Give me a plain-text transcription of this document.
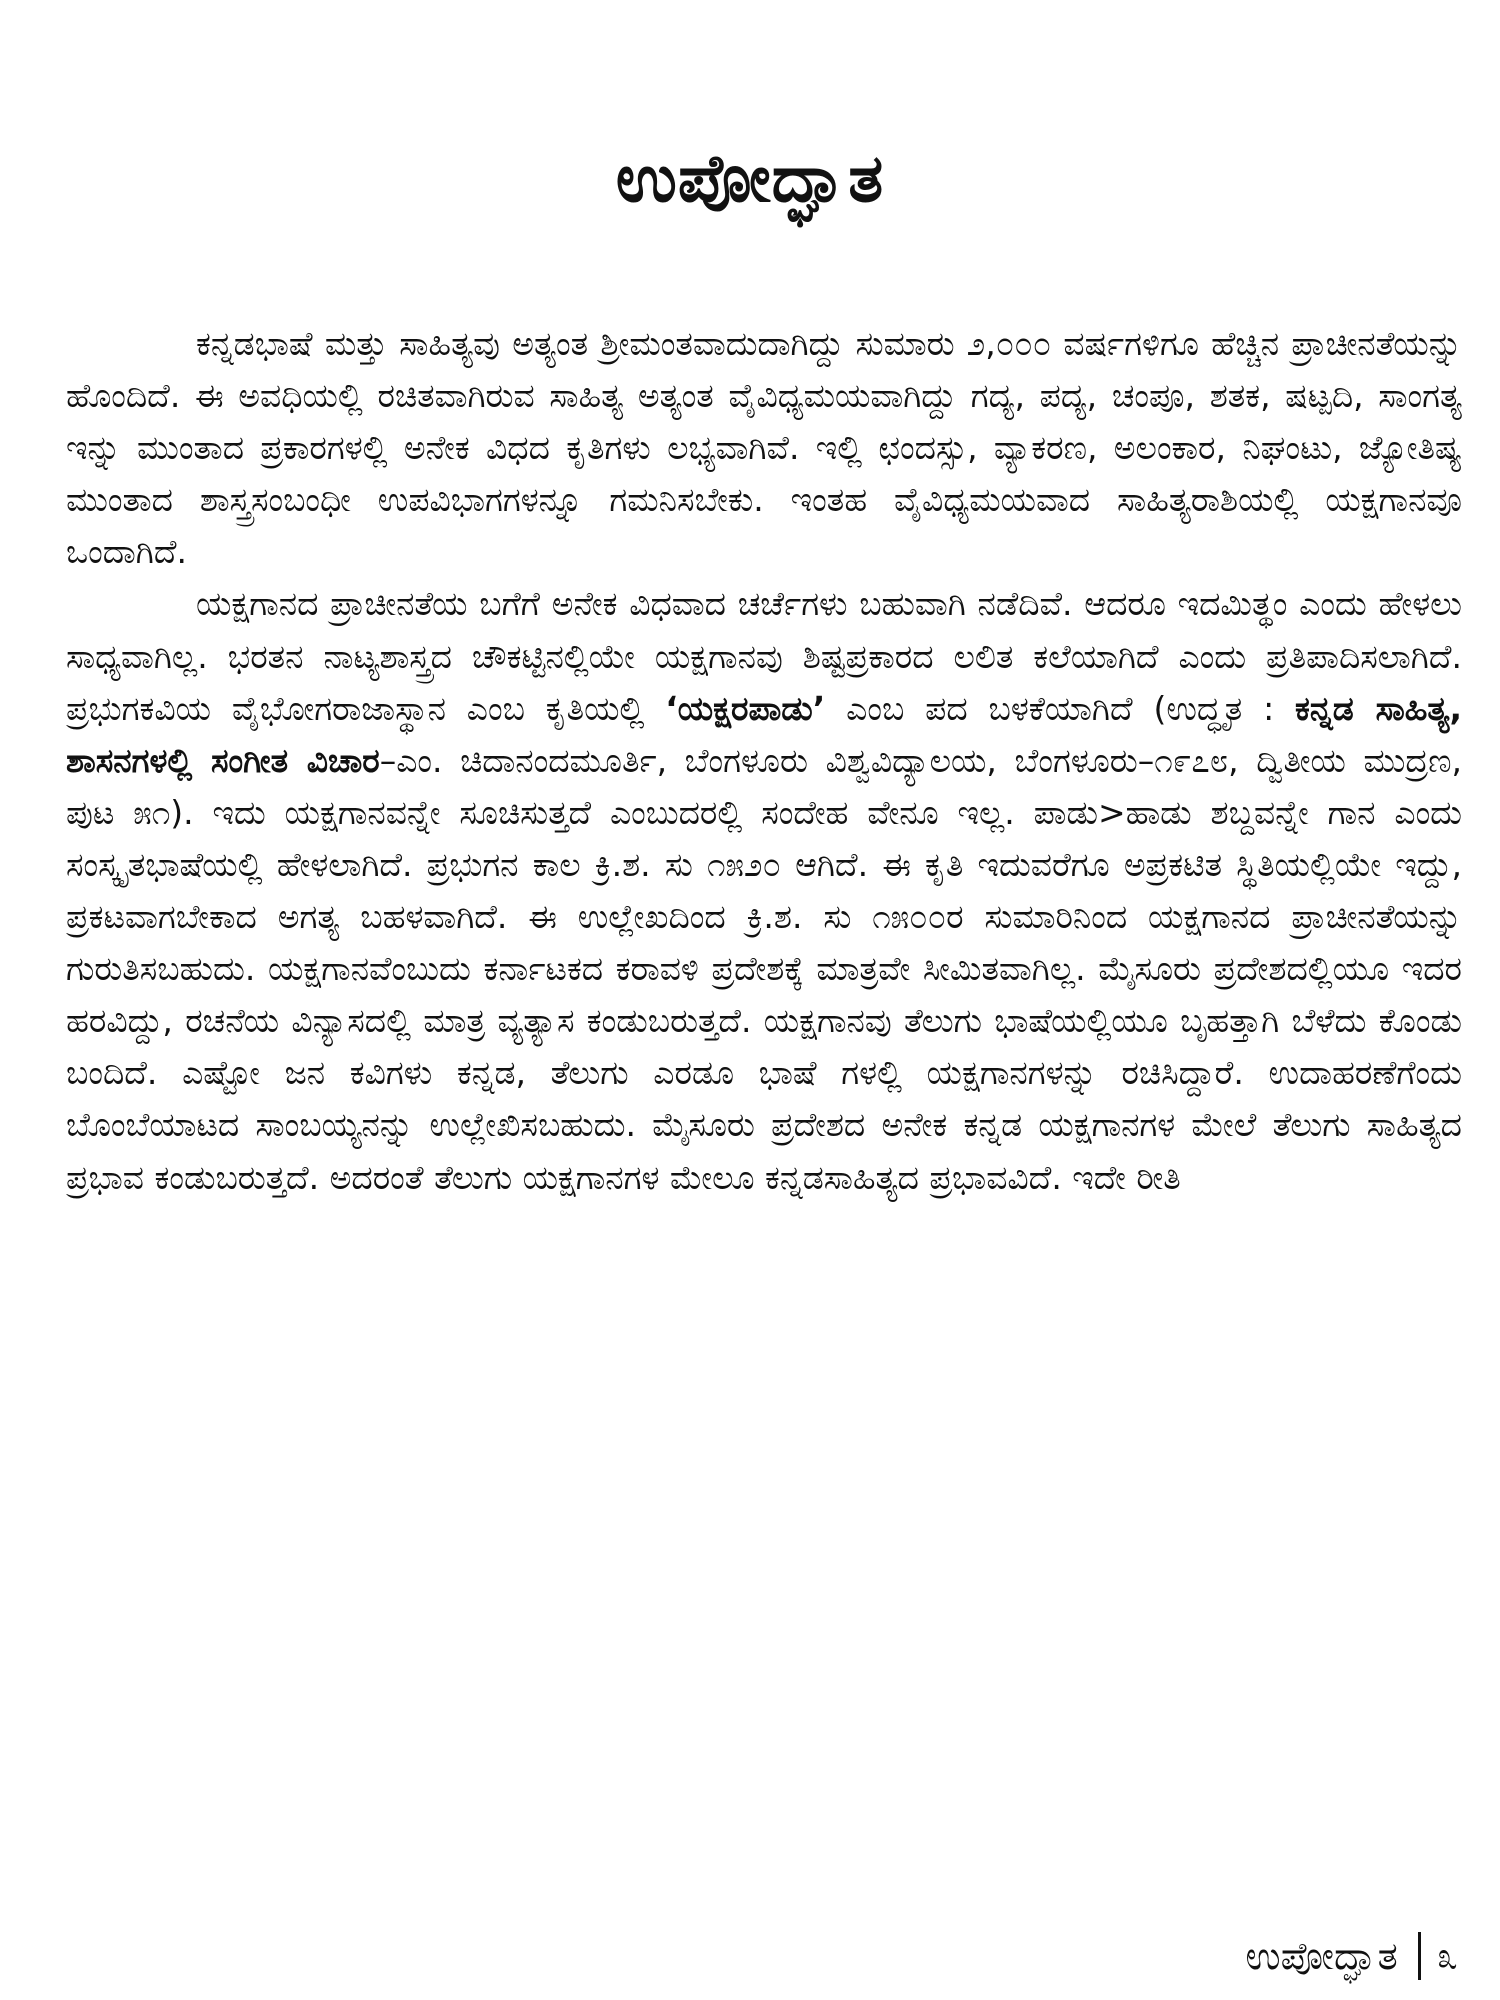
ಉಪೋದ್ಘಾತ

ಕನ್ನಡಭಾಷೆ ಮತ್ತು ಸಾಹಿತ್ಯವು ಅತ್ಯಂತ ಶ್ರೀಮಂತವಾದುದಾಗಿದ್ದು ಸುಮಾರು ೨,೦೦೦ ವರ್ಷಗಳಿಗೂ ಹೆಚ್ಚಿನ ಪ್ರಾಚೀನತೆಯನ್ನು ಹೊಂದಿದೆ. ಈ ಅವಧಿಯಲ್ಲಿ ರಚಿತವಾಗಿರುವ ಸಾಹಿತ್ಯ ಅತ್ಯಂತ ವೈವಿಧ್ಯಮಯವಾಗಿದ್ದು ಗದ್ಯ, ಪದ್ಯ, ಚಂಪೂ, ಶತಕ, ಷಟ್ಪದಿ, ಸಾಂಗತ್ಯ ಇನ್ನು ಮುಂತಾದ ಪ್ರಕಾರಗಳಲ್ಲಿ ಅನೇಕ ವಿಧದ ಕೃತಿಗಳು ಲಭ್ಯವಾಗಿವೆ. ಇಲ್ಲಿ ಛಂದಸ್ಸು, ವ್ಯಾಕರಣ, ಅಲಂಕಾರ, ನಿಘಂಟು, ಜ್ಯೋತಿಷ್ಯ ಮುಂತಾದ ಶಾಸ್ತ್ರಸಂಬಂಧೀ ಉಪವಿಭಾಗಗಳನ್ನೂ ಗಮನಿಸಬೇಕು. ಇಂತಹ ವೈವಿಧ್ಯಮಯವಾದ ಸಾಹಿತ್ಯರಾಶಿಯಲ್ಲಿ ಯಕ್ಷಗಾನವೂ ಒಂದಾಗಿದೆ.

ಯಕ್ಷಗಾನದ ಪ್ರಾಚೀನತೆಯ ಬಗೆಗೆ ಅನೇಕ ವಿಧವಾದ ಚರ್ಚೆಗಳು ಬಹುವಾಗಿ ನಡೆದಿವೆ. ಆದರೂ ಇದಮಿತ್ಥಂ ಎಂದು ಹೇಳಲು ಸಾಧ್ಯವಾಗಿಲ್ಲ. ಭರತನ ನಾಟ್ಯಶಾಸ್ತ್ರದ ಚೌಕಟ್ಟಿನಲ್ಲಿಯೇ ಯಕ್ಷಗಾನವು ಶಿಷ್ಟಪ್ರಕಾರದ ಲಲಿತ ಕಲೆಯಾಗಿದೆ ಎಂದು ಪ್ರತಿಪಾದಿಸಲಾಗಿದೆ. ಪ್ರಭುಗಕವಿಯ ವೈಭೋಗರಾಜಾಸ್ಥಾನ ಎಂಬ ಕೃತಿಯಲ್ಲಿ ‘ಯಕ್ಷರಪಾಡು’ ಎಂಬ ಪದ ಬಳಕೆಯಾಗಿದೆ (ಉದ್ಧೃತ : ಕನ್ನಡ ಸಾಹಿತ್ಯ, ಶಾಸನಗಳಲ್ಲಿ ಸಂಗೀತ ವಿಚಾರ–ಎಂ. ಚಿದಾನಂದಮೂರ್ತಿ, ಬೆಂಗಳೂರು ವಿಶ್ವವಿದ್ಯಾಲಯ, ಬೆಂಗಳೂರು–೧೯೭೮, ದ್ವಿತೀಯ ಮುದ್ರಣ, ಪುಟ ೫೧). ಇದು ಯಕ್ಷಗಾನವನ್ನೇ ಸೂಚಿಸುತ್ತದೆ ಎಂಬುದರಲ್ಲಿ ಸಂದೇಹ ವೇನೂ ಇಲ್ಲ. ಪಾಡು>ಹಾಡು ಶಬ್ದವನ್ನೇ ಗಾನ ಎಂದು ಸಂಸ್ಕೃತಭಾಷೆಯಲ್ಲಿ ಹೇಳಲಾಗಿದೆ. ಪ್ರಭುಗನ ಕಾಲ ಕ್ರಿ.ಶ. ಸು ೧೫೨೦ ಆಗಿದೆ. ಈ ಕೃತಿ ಇದುವರೆಗೂ ಅಪ್ರಕಟಿತ ಸ್ಥಿತಿಯಲ್ಲಿಯೇ ಇದ್ದು, ಪ್ರಕಟವಾಗಬೇಕಾದ ಅಗತ್ಯ ಬಹಳವಾಗಿದೆ. ಈ ಉಲ್ಲೇಖದಿಂದ ಕ್ರಿ.ಶ. ಸು ೧೫೦೦ರ ಸುಮಾರಿನಿಂದ ಯಕ್ಷಗಾನದ ಪ್ರಾಚೀನತೆಯನ್ನು ಗುರುತಿಸಬಹುದು. ಯಕ್ಷಗಾನವೆಂಬುದು ಕರ್ನಾಟಕದ ಕರಾವಳಿ ಪ್ರದೇಶಕ್ಕೆ ಮಾತ್ರವೇ ಸೀಮಿತವಾಗಿಲ್ಲ. ಮೈಸೂರು ಪ್ರದೇಶದಲ್ಲಿಯೂ ಇದರ ಹರವಿದ್ದು, ರಚನೆಯ ವಿನ್ಯಾಸದಲ್ಲಿ ಮಾತ್ರ ವ್ಯತ್ಯಾಸ ಕಂಡುಬರುತ್ತದೆ. ಯಕ್ಷಗಾನವು ತೆಲುಗು ಭಾಷೆಯಲ್ಲಿಯೂ ಬೃಹತ್ತಾಗಿ ಬೆಳೆದು ಕೊಂಡು ಬಂದಿದೆ. ಎಷ್ಟೋ ಜನ ಕವಿಗಳು ಕನ್ನಡ, ತೆಲುಗು ಎರಡೂ ಭಾಷೆ ಗಳಲ್ಲಿ ಯಕ್ಷಗಾನಗಳನ್ನು ರಚಿಸಿದ್ದಾರೆ. ಉದಾಹರಣೆಗೆಂದು ಬೊಂಬೆಯಾಟದ ಸಾಂಬಯ್ಯನನ್ನು ಉಲ್ಲೇಖಿಸಬಹುದು. ಮೈಸೂರು ಪ್ರದೇಶದ ಅನೇಕ ಕನ್ನಡ ಯಕ್ಷಗಾನಗಳ ಮೇಲೆ ತೆಲುಗು ಸಾಹಿತ್ಯದ ಪ್ರಭಾವ ಕಂಡುಬರುತ್ತದೆ. ಅದರಂತೆ ತೆಲುಗು ಯಕ್ಷಗಾನಗಳ ಮೇಲೂ ಕನ್ನಡಸಾಹಿತ್ಯದ ಪ್ರಭಾವವಿದೆ. ಇದೇ ರೀತಿ

ಉಪೋದ್ಘಾತ ೩
